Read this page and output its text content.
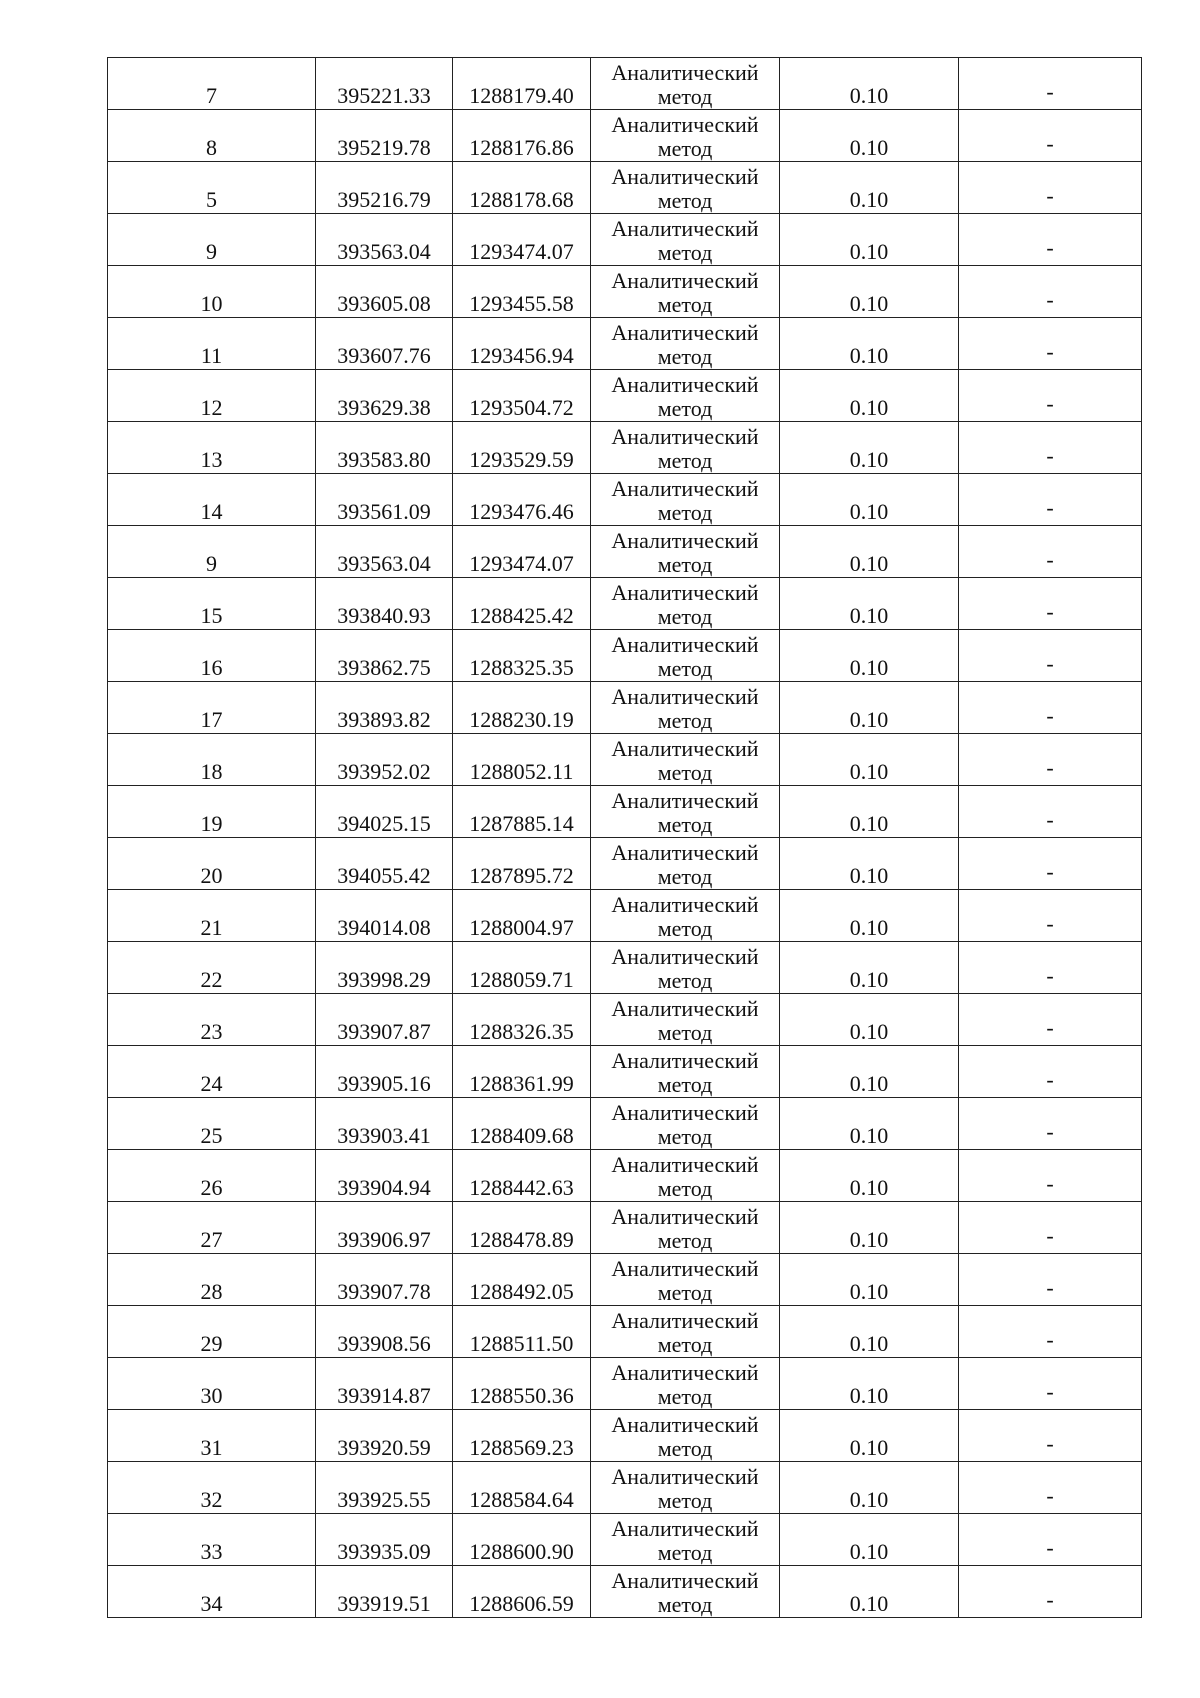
7	395221.33	1288179.40	Аналитический
метод	0.10	-
8	395219.78	1288176.86	Аналитический
метод	0.10	-
5	395216.79	1288178.68	Аналитический
метод	0.10	-
9	393563.04	1293474.07	Аналитический
метод	0.10	-
10	393605.08	1293455.58	Аналитический
метод	0.10	-
11	393607.76	1293456.94	Аналитический
метод	0.10	-
12	393629.38	1293504.72	Аналитический
метод	0.10	-
13	393583.80	1293529.59	Аналитический
метод	0.10	-
14	393561.09	1293476.46	Аналитический
метод	0.10	-
9	393563.04	1293474.07	Аналитический
метод	0.10	-
15	393840.93	1288425.42	Аналитический
метод	0.10	-
16	393862.75	1288325.35	Аналитический
метод	0.10	-
17	393893.82	1288230.19	Аналитический
метод	0.10	-
18	393952.02	1288052.11	Аналитический
метод	0.10	-
19	394025.15	1287885.14	Аналитический
метод	0.10	-
20	394055.42	1287895.72	Аналитический
метод	0.10	-
21	394014.08	1288004.97	Аналитический
метод	0.10	-
22	393998.29	1288059.71	Аналитический
метод	0.10	-
23	393907.87	1288326.35	Аналитический
метод	0.10	-
24	393905.16	1288361.99	Аналитический
метод	0.10	-
25	393903.41	1288409.68	Аналитический
метод	0.10	-
26	393904.94	1288442.63	Аналитический
метод	0.10	-
27	393906.97	1288478.89	Аналитический
метод	0.10	-
28	393907.78	1288492.05	Аналитический
метод	0.10	-
29	393908.56	1288511.50	Аналитический
метод	0.10	-
30	393914.87	1288550.36	Аналитический
метод	0.10	-
31	393920.59	1288569.23	Аналитический
метод	0.10	-
32	393925.55	1288584.64	Аналитический
метод	0.10	-
33	393935.09	1288600.90	Аналитический
метод	0.10	-
34	393919.51	1288606.59	Аналитический
метод	0.10	-
